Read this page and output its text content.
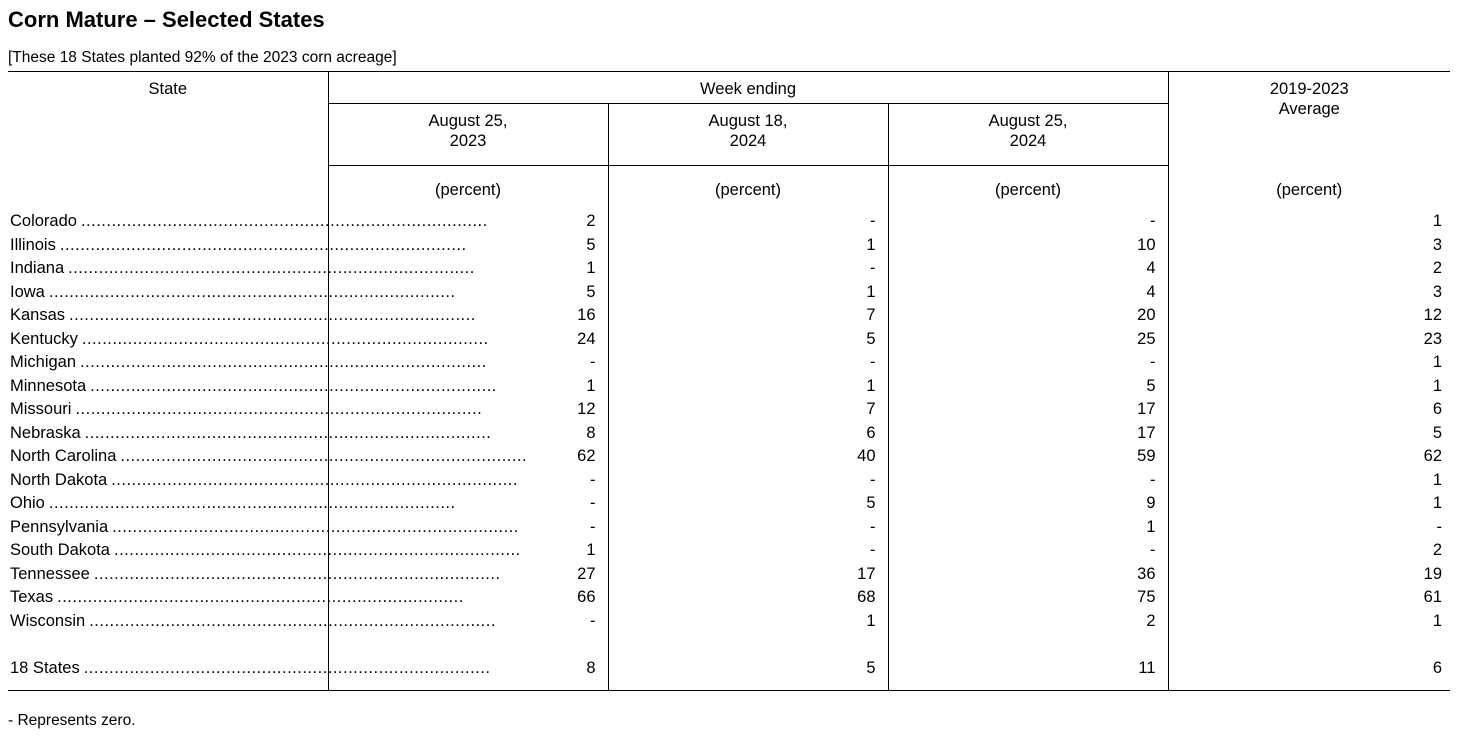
Corn Mature – Selected States
[These 18 States planted 92% of the 2023 corn acreage]
State	Week ending			2019-2023
Average
	August 25,
2023	August 18,
2024	August 25,
2024	
	(percent)	(percent)	(percent)	(percent)

Colorado ................................................................................	2	-	-	1

Illinois ................................................................................	5	1	10	3

Indiana ................................................................................	1	-	4	2

Iowa ................................................................................	5	1	4	3

Kansas ................................................................................	16	7	20	12

Kentucky ................................................................................	24	5	25	23

Michigan ................................................................................	-	-	-	1

Minnesota ................................................................................	1	1	5	1

Missouri ................................................................................	12	7	17	6

Nebraska ................................................................................	8	6	17	5

North Carolina ................................................................................	62	40	59	62

North Dakota ................................................................................	-	-	-	1

Ohio ................................................................................	-	5	9	1

Pennsylvania ................................................................................	-	-	1	-

South Dakota ................................................................................	1	-	-	2

Tennessee ................................................................................	27	17	36	19

Texas ................................................................................	66	68	75	61

Wisconsin ................................................................................	-	1	2	1

18 States ................................................................................	8	5	11	6
- Represents zero.
